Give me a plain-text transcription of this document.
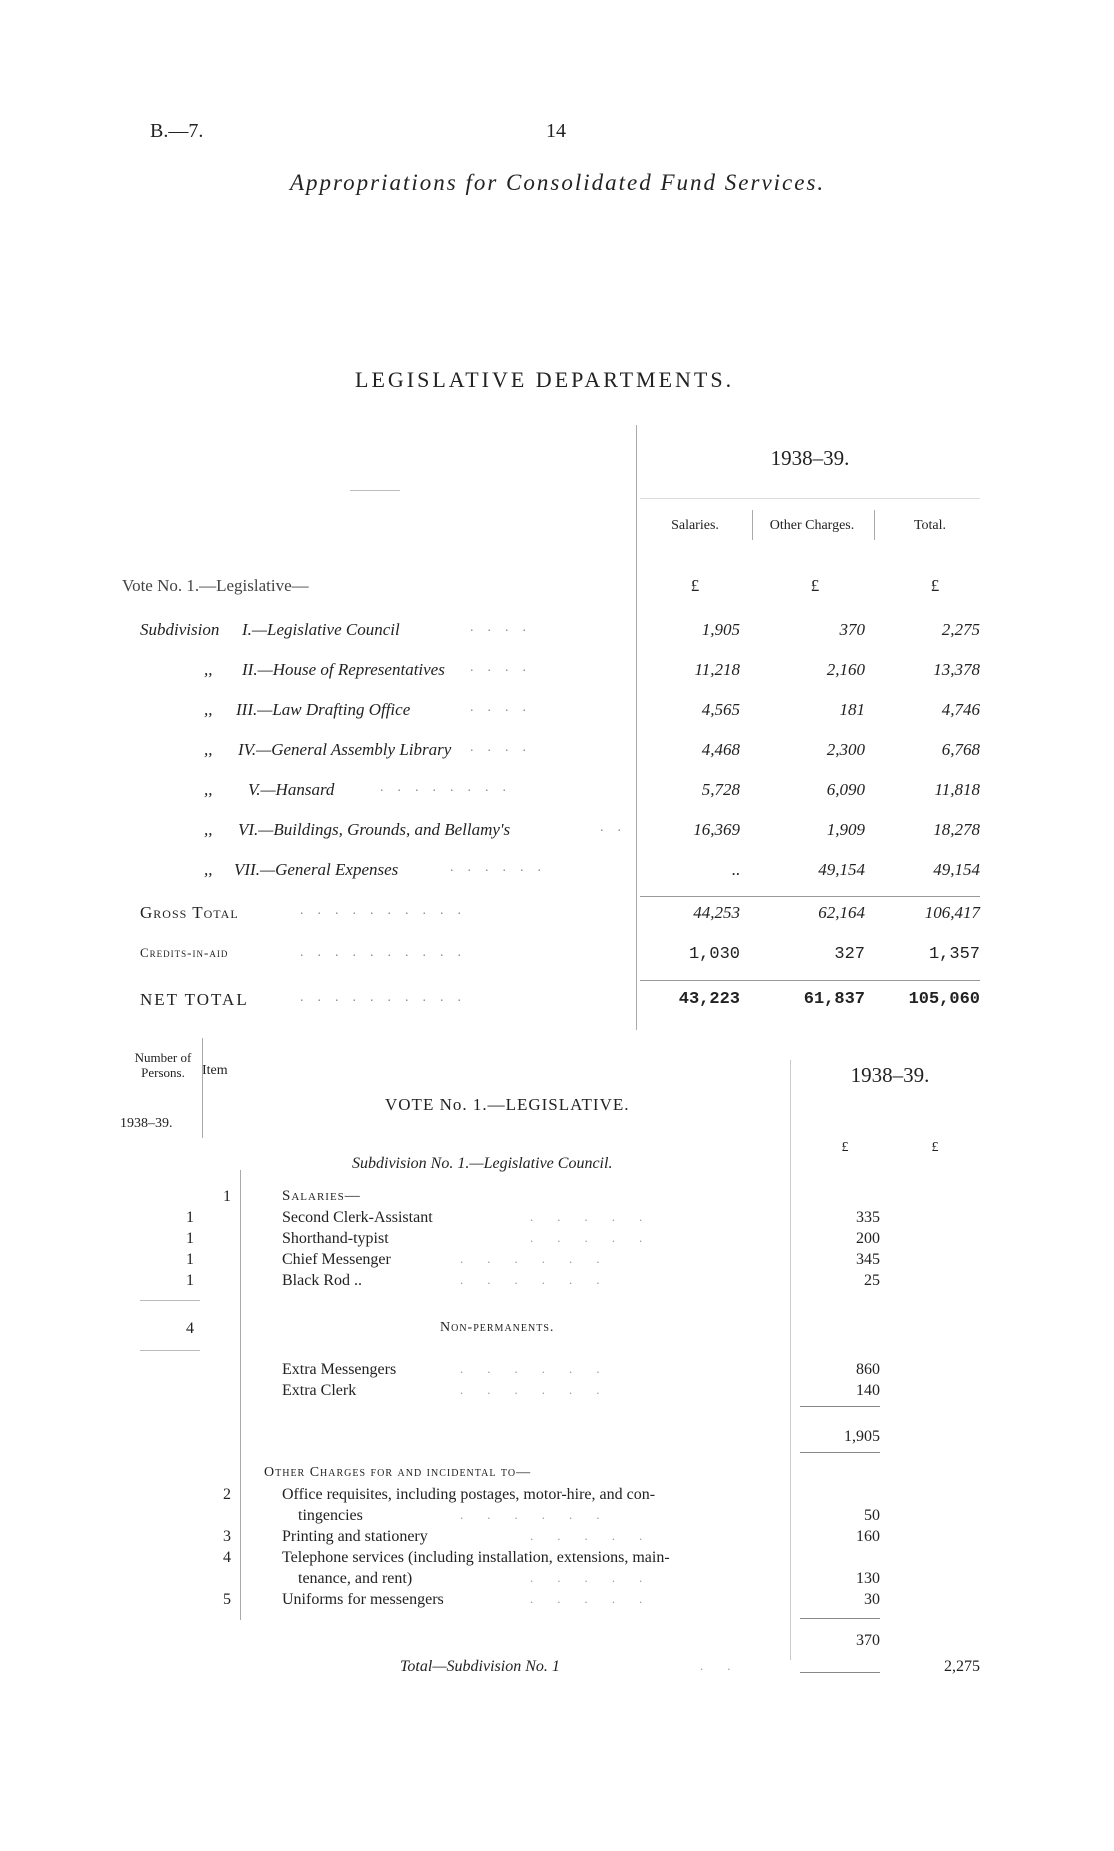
B.—7.	14
Appropriations for Consolidated Fund Services.
LEGISLATIVE DEPARTMENTS.
1938–39.
Salaries.	Other Charges.	Total.
Vote No. 1.—Legislative—	£	£	£
Subdivision I.—Legislative Council	....	1,905	370	2,275
,, II.—House of Representatives ....	11,218	2,160	13,378
,, III.—Law Drafting Office	....	4,565	181	4,746
,, IV.—General Assembly Library ....	4,468	2,300	6,768
,, V.—Hansard	........	5,728	6,090	11,818
,, VI.—Buildings, Grounds, and Bellamy's	..	16,369	1,909	18,278
,, VII.—General Expenses	......	..	49,154	49,154
Gross Total	..........	44,253	62,164	106,417
Credits-in-aid	..........	1,030	327	1,357
NET TOTAL	..........	43,223	61,837	105,060
Number of Persons.
1938–39.
Item
VOTE No. 1.—LEGISLATIVE.
Subdivision No. 1.—Legislative Council.
1938–39.
£	£
1	Salaries—
1	Second Clerk-Assistant	.....	335
1	Shorthand-typist	.....	200
1	Chief Messenger	......	345
1	Black Rod ..	......	25
4	Non-permanents.
Extra Messengers	......	860
Extra Clerk	......	140
1,905
Other Charges for and incidental to—
2	Office requisites, including postages, motor-hire, and con-
tingencies	......	50
3	Printing and stationery	.....	160
4	Telephone services (including installation, extensions, main-
tenance, and rent)	.....	130
5	Uniforms for messengers	.....	30
370
Total—Subdivision No. 1	..	2,275
